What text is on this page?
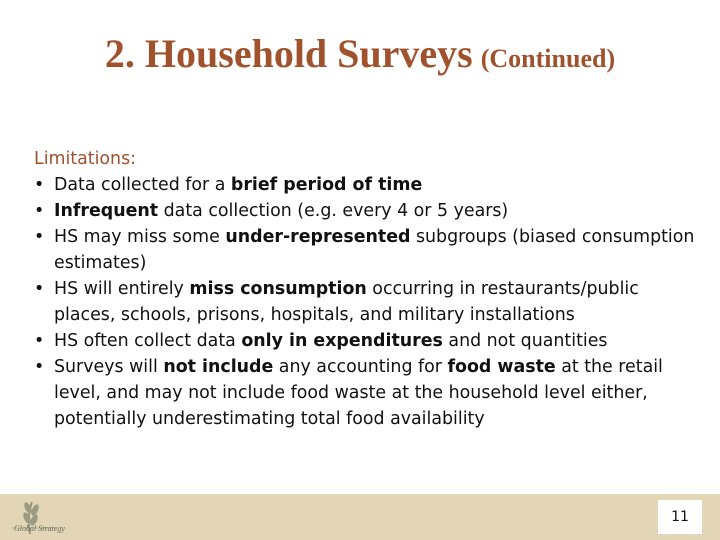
2. Household Surveys (Continued)
Limitations:
• Data collected for a brief period of time
• Infrequent data collection (e.g. every 4 or 5 years)
• HS may miss some under-represented subgroups (biased consumption estimates)
• HS will entirely miss consumption occurring in restaurants/public places, schools, prisons, hospitals, and military installations
• HS often collect data only in expenditures and not quantities
• Surveys will not include any accounting for food waste at the retail level, and may not include food waste at the household level either, potentially underestimating total food availability
Global Strategy
11
